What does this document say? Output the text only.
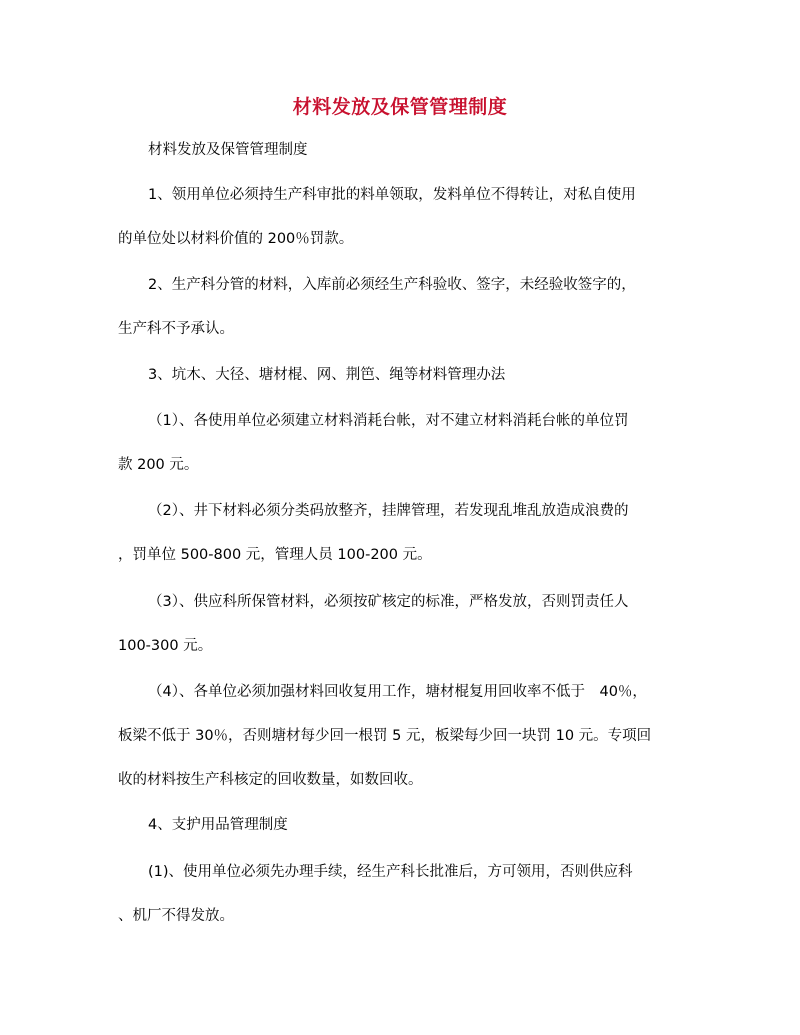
材料发放及保管管理制度

材料发放及保管管理制度

1、领用单位必须持生产科审批的料单领取，发料单位不得转让，对私自使用
的单位处以材料价值的 200％罚款。

2、生产科分管的材料，入库前必须经生产科验收、签字，未经验收签字的，
生产科不予承认。

3、坑木、大径、塘材棍、网、荆笆、绳等材料管理办法

（1）、各使用单位必须建立材料消耗台帐，对不建立材料消耗台帐的单位罚
款 200 元。

（2）、井下材料必须分类码放整齐，挂牌管理，若发现乱堆乱放造成浪费的
，罚单位 500-800 元，管理人员 100-200 元。

（3）、供应科所保管材料，必须按矿核定的标准，严格发放，否则罚责任人
100-300 元。

（4）、各单位必须加强材料回收复用工作，塘材棍复用回收率不低于　40％，
板梁不低于 30％，否则塘材每少回一根罚 5 元，板梁每少回一块罚 10 元。专项回
收的材料按生产科核定的回收数量，如数回收。

4、支护用品管理制度

(1)、使用单位必须先办理手续，经生产科长批准后，方可领用，否则供应科
、机厂不得发放。
